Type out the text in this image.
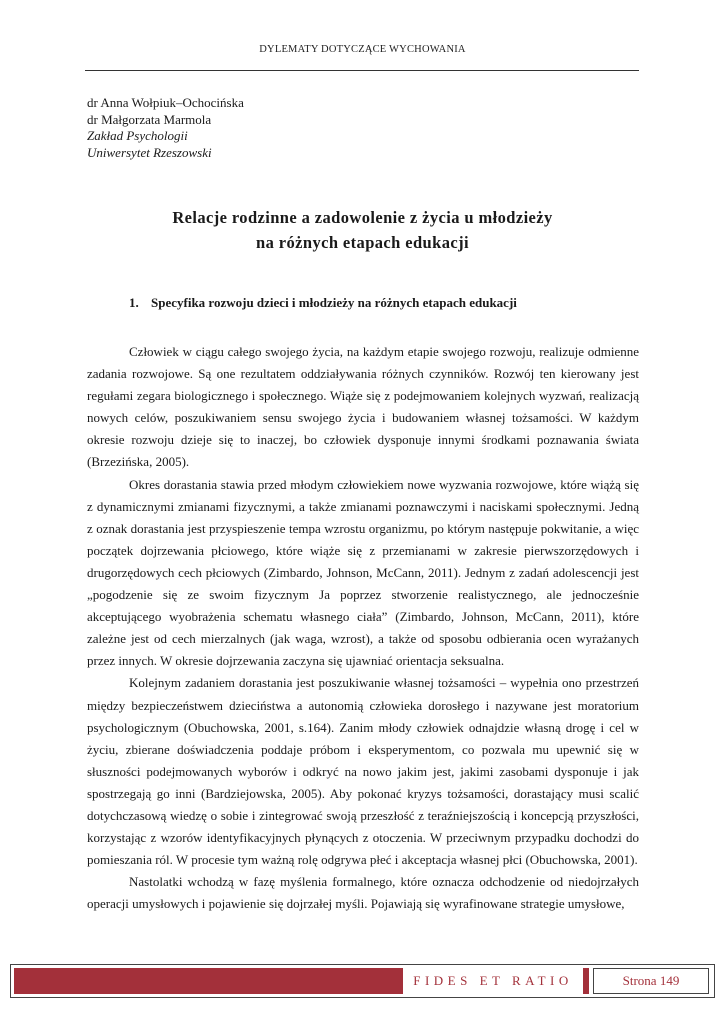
DYLEMATY DOTYCZĄCE WYCHOWANIA
dr Anna Wołpiuk–Ochocińska
dr Małgorzata Marmola
Zakład Psychologii
Uniwersytet Rzeszowski
Relacje rodzinne a zadowolenie z życia u młodzieży
na różnych etapach edukacji
1. Specyfika rozwoju dzieci i młodzieży na różnych etapach edukacji

Człowiek w ciągu całego swojego życia, na każdym etapie swojego rozwoju, realizuje odmienne zadania rozwojowe. Są one rezultatem oddziaływania różnych czynników. Rozwój ten kierowany jest regułami zegara biologicznego i społecznego. Wiąże się z podejmowaniem kolejnych wyzwań, realizacją nowych celów, poszukiwaniem sensu swojego życia i budowaniem własnej tożsamości. W każdym okresie rozwoju dzieje się to inaczej, bo człowiek dysponuje innymi środkami poznawania świata (Brzezińska, 2005).

Okres dorastania stawia przed młodym człowiekiem nowe wyzwania rozwojowe, które wiążą się z dynamicznymi zmianami fizycznymi, a także zmianami poznawczymi i naciskami społecznymi. Jedną z oznak dorastania jest przyspieszenie tempa wzrostu organizmu, po którym następuje pokwitanie, a więc początek dojrzewania płciowego, które wiąże się z przemianami w zakresie pierwszorzędowych i drugorzędowych cech płciowych (Zimbardo, Johnson, McCann, 2011). Jednym z zadań adolescencji jest „pogodzenie się ze swoim fizycznym Ja poprzez stworzenie realistycznego, ale jednocześnie akceptującego wyobrażenia schematu własnego ciała” (Zimbardo, Johnson, McCann, 2011), które zależne jest od cech mierzalnych (jak waga, wzrost), a także od sposobu odbierania ocen wyrażanych przez innych. W okresie dojrzewania zaczyna się ujawniać orientacja seksualna.

Kolejnym zadaniem dorastania jest poszukiwanie własnej tożsamości – wypełnia ono przestrzeń między bezpieczeństwem dzieciństwa a autonomią człowieka dorosłego i nazywane jest moratorium psychologicznym (Obuchowska, 2001, s.164). Zanim młody człowiek odnajdzie własną drogę i cel w życiu, zbierane doświadczenia poddaje próbom i eksperymentom, co pozwala mu upewnić się w słuszności podejmowanych wyborów i odkryć na nowo jakim jest, jakimi zasobami dysponuje i jak spostrzegają go inni (Bardziejowska, 2005). Aby pokonać kryzys tożsamości, dorastający musi scalić dotychczasową wiedzę o sobie i zintegrować swoją przeszłość z teraźniejszością i koncepcją przyszłości, korzystając z wzorów identyfikacyjnych płynących z otoczenia. W przeciwnym przypadku dochodzi do pomieszania ról. W procesie tym ważną rolę odgrywa płeć i akceptacja własnej płci (Obuchowska, 2001).

Nastolatki wchodzą w fazę myślenia formalnego, które oznacza odchodzenie od niedojrzałych operacji umysłowych i pojawienie się dojrzałej myśli. Pojawiają się wyrafinowane strategie umysłowe,

FIDES ET RATIO	Strona 149
